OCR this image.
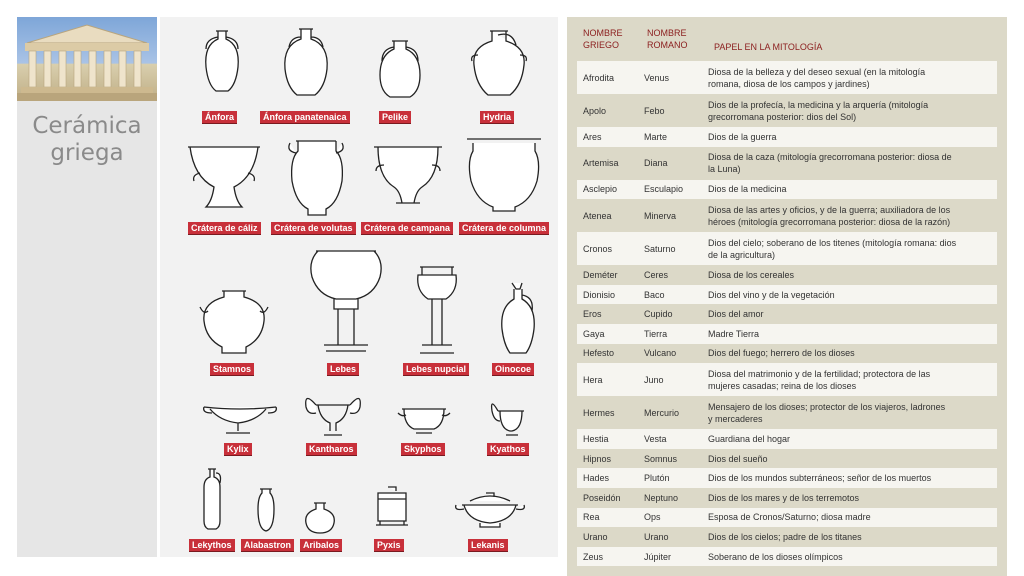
Cerámica
griega
Ánfora	Ánfora panatenaica	Pelike	Hydria
Crátera de cáliz	Crátera de volutas	Crátera de campana	Crátera de columna
Stamnos	Lebes	Lebes nupcial	Oinocoe
Kylix	Kantharos	Skyphos	Kyathos
Lekythos	Alabastron	Aribalos	Pyxis	Lekanis
NOMBRE
GRIEGO
NOMBRE
ROMANO	PAPEL EN LA MITOLOGÍA
Afrodita	Venus
Diosa de la belleza y del deseo sexual (en la mitología
romana, diosa de los campos y jardines)
Apolo	Febo
Dios de la profecía, la medicina y la arquería (mitología
grecorromana posterior: dios del Sol)
Ares	Marte	Dios de la guerra
Artemisa	Diana
Diosa de la caza (mitología grecorromana posterior: diosa de
la Luna)
Asclepio	Esculapio	Dios de la medicina
Atenea	Minerva
Diosa de las artes y oficios, y de la guerra; auxiliadora de los
héroes (mitología grecorromana posterior: diosa de la razón)
Cronos	Saturno
Dios del cielo; soberano de los titenes (mitología romana: dios
de la agricultura)
Deméter	Ceres	Diosa de los cereales
Dionisio	Baco	Dios del vino y de la vegetación
Eros	Cupido	Dios del amor
Gaya	Tierra	Madre Tierra
Hefesto	Vulcano	Dios del fuego; herrero de los dioses
Hera	Juno
Diosa del matrimonio y de la fertilidad; protectora de las
mujeres casadas; reina de los dioses
Hermes	Mercurio
Mensajero de los dioses; protector de los viajeros, ladrones
y mercaderes
Hestia	Vesta	Guardiana del hogar
Hipnos	Somnus	Dios del sueño
Hades	Plutón	Dios de los mundos subterráneos; señor de los muertos
Poseidón	Neptuno	Dios de los mares y de los terremotos
Rea	Ops	Esposa de Cronos/Saturno; diosa madre
Urano	Urano	Dios de los cielos; padre de los titanes
Zeus	Júpiter	Soberano de los dioses olímpicos
